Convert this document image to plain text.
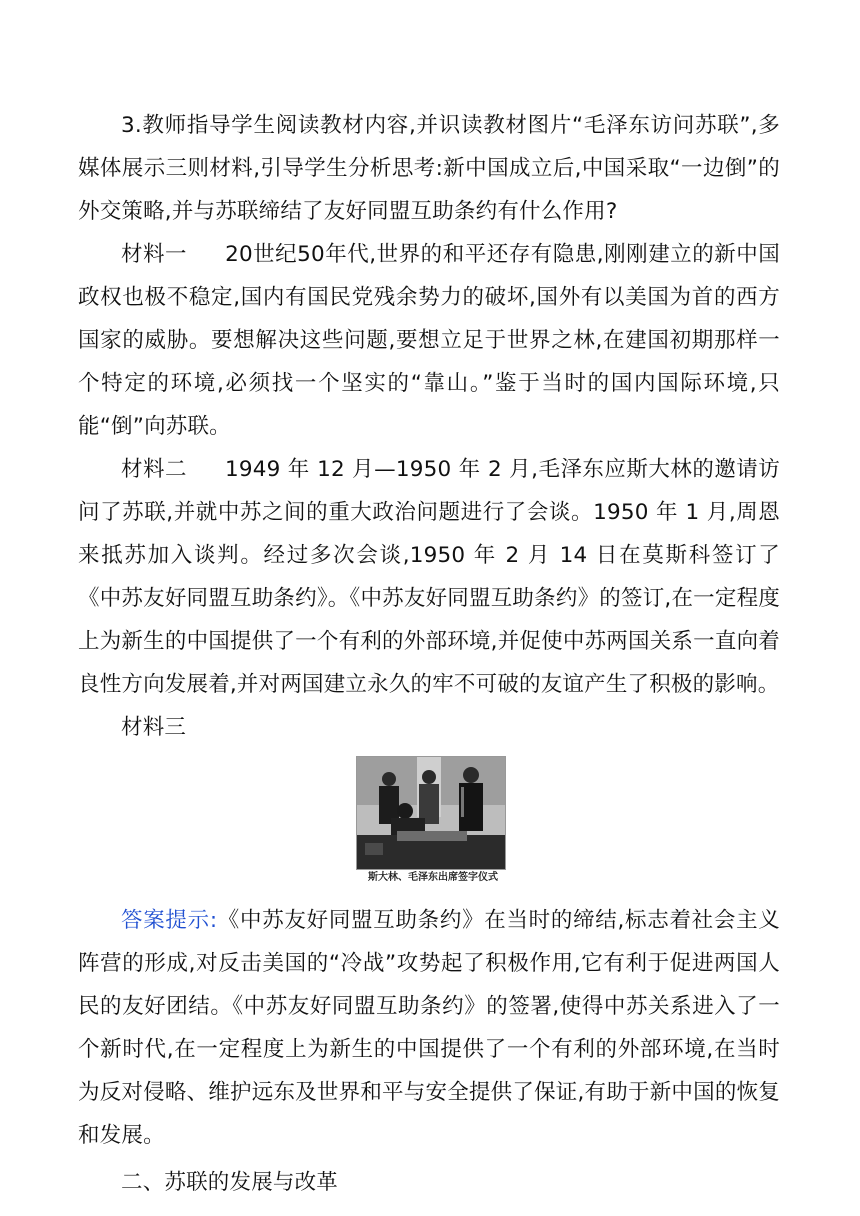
3.教师指导学生阅读教材内容,并识读教材图片“毛泽东访问苏联”,多媒体展示三则材料,引导学生分析思考:新中国成立后,中国采取“一边倒”的外交策略,并与苏联缔结了友好同盟互助条约有什么作用?

材料一 20世纪50年代,世界的和平还存有隐患,刚刚建立的新中国政权也极不稳定,国内有国民党残余势力的破坏,国外有以美国为首的西方国家的威胁。要想解决这些问题,要想立足于世界之林,在建国初期那样一个特定的环境,必须找一个坚实的“靠山。”鉴于当时的国内国际环境,只能“倒”向苏联。

材料二 1949 年 12 月—1950 年 2 月,毛泽东应斯大林的邀请访问了苏联,并就中苏之间的重大政治问题进行了会谈。1950 年 1 月,周恩来抵苏加入谈判。经过多次会谈,1950 年 2 月 14 日在莫斯科签订了《中苏友好同盟互助条约》。《中苏友好同盟互助条约》的签订,在一定程度上为新生的中国提供了一个有利的外部环境,并促使中苏两国关系一直向着良性方向发展着,并对两国建立永久的牢不可破的友谊产生了积极的影响。

材料三

斯大林、毛泽东出席签字仪式

答案提示:《中苏友好同盟互助条约》在当时的缔结,标志着社会主义阵营的形成,对反击美国的“冷战”攻势起了积极作用,它有利于促进两国人民的友好团结。《中苏友好同盟互助条约》的签署,使得中苏关系进入了一个新时代,在一定程度上为新生的中国提供了一个有利的外部环境,在当时为反对侵略、维护远东及世界和平与安全提供了保证,有助于新中国的恢复和发展。

二、苏联的发展与改革
